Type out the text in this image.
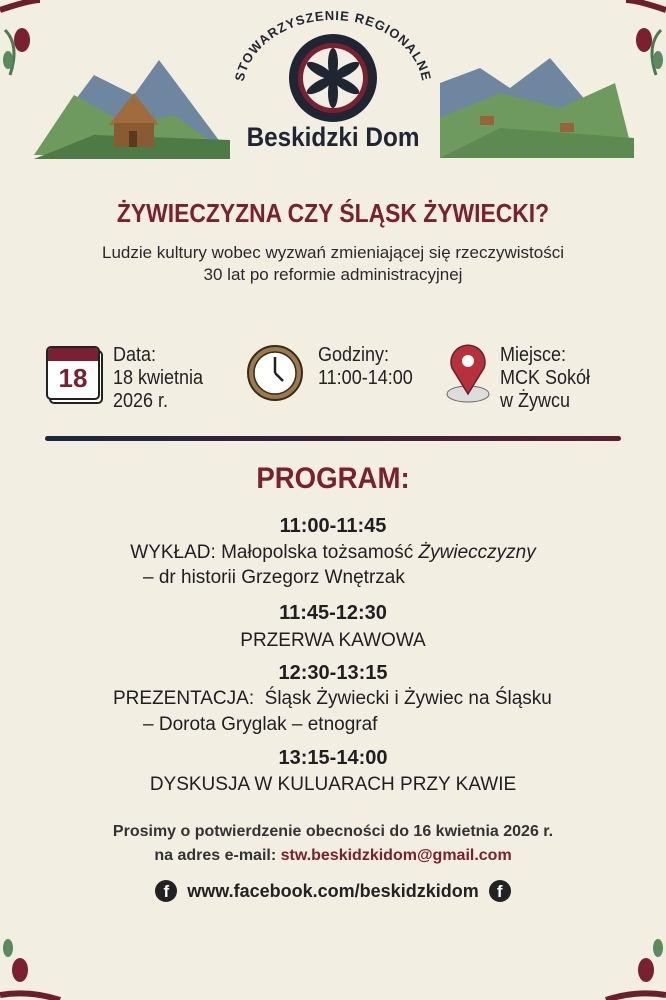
STOWARZYSZENIE REGIONALNE
Beskidzki Dom
ŻYWIECZYZNA CZY ŚLĄSK ŻYWIECKI?
Ludzie kultury wobec wyzwań zmieniającej się rzeczywistości
30 lat po reformie administracyjnej
18
Data:
18 kwietnia
2026 r.
Godziny:
11:00-14:00
Miejsce:
MCK Sokół
w Żywcu
PROGRAM:
11:00-11:45
WYKŁAD: Małopolska tożsamość Żywiecczyzny
– dr historii Grzegorz Wnętrzak
11:45-12:30
PRZERWA KAWOWA
12:30-13:15
PREZENTACJA:  Śląsk Żywiecki i Żywiec na Śląsku
– Dorota Gryglak – etnograf
13:15-14:00
DYSKUSJA W KULUARACH PRZY KAWIE
Prosimy o potwierdzenie obecności do 16 kwietnia 2026 r.
na adres e-mail: stw.beskidzkidom@gmail.com
f	www.facebook.com/beskidzkidom	f
